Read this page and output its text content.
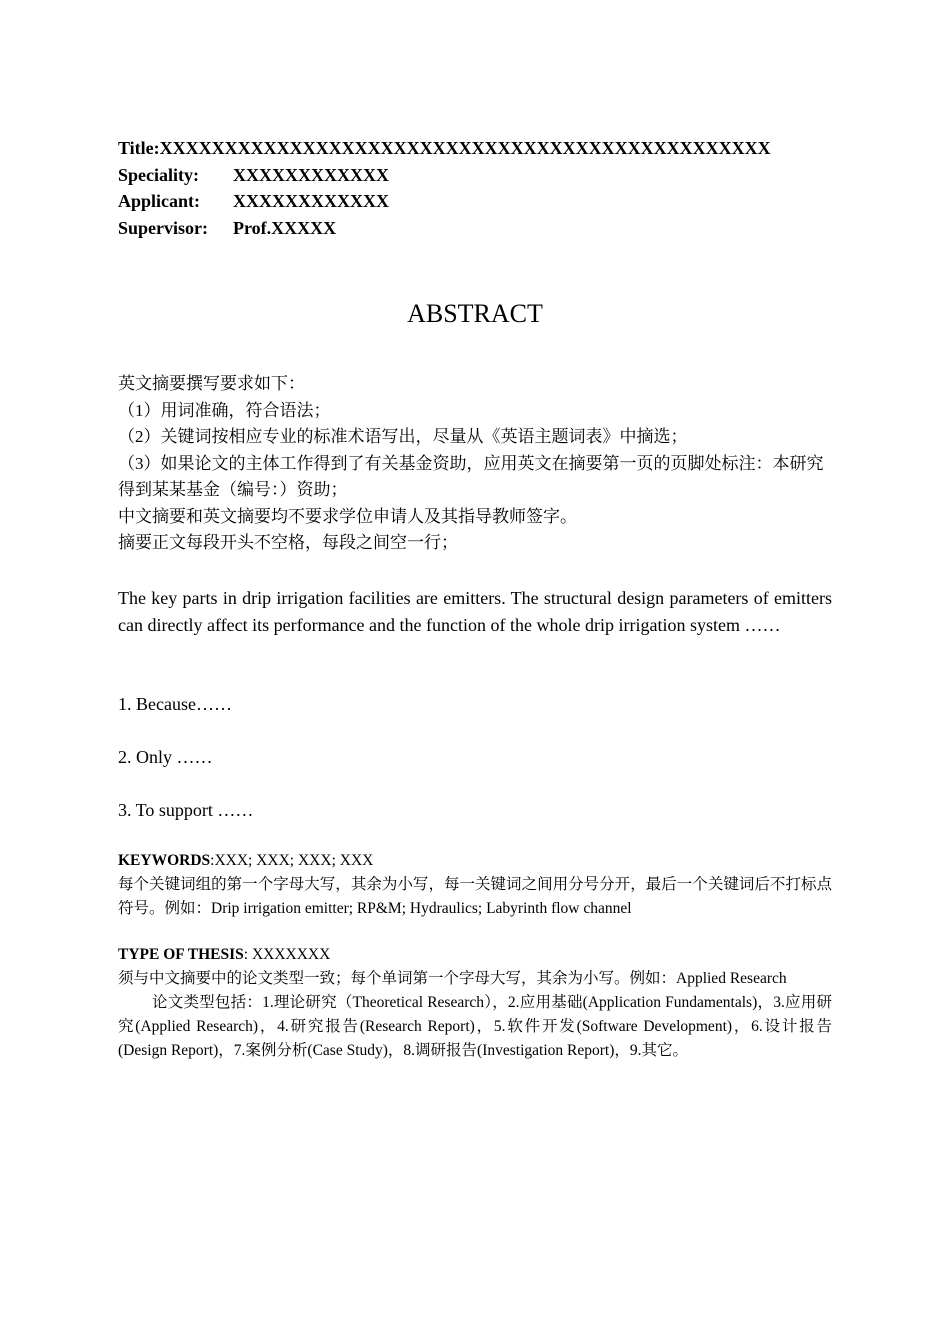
Title: XXXXXXXXXXXXXXXXXXXXXXXXXXXXXXXXXXXXXXXXXXXXXXX
Speciality:	XXXXXXXXXXXX
Applicant:	XXXXXXXXXXXX
Supervisor:	Prof.XXXXX
ABSTRACT

英文摘要撰写要求如下：

（1）用词准确，符合语法；

（2）关键词按相应专业的标准术语写出，尽量从《英语主题词表》中摘选；

（3）如果论文的主体工作得到了有关基金资助，应用英文在摘要第一页的页脚处标注：本研究得到某某基金（编号：）资助；

中文摘要和英文摘要均不要求学位申请人及其指导教师签字。

摘要正文每段开头不空格，每段之间空一行；

The key parts in drip irrigation facilities are emitters. The structural design parameters of emitters can directly affect its performance and the function of the whole drip irrigation system ……

1. Because……

2. Only ……

3. To support ……

KEYWORDS:XXX; XXX; XXX; XXX

每个关键词组的第一个字母大写，其余为小写，每一关键词之间用分号分开，最后一个关键词后不打标点符号。例如：Drip irrigation emitter; RP&M; Hydraulics; Labyrinth flow channel

TYPE OF THESIS: XXXXXXX

须与中文摘要中的论文类型一致；每个单词第一个字母大写，其余为小写。例如：Applied Research

论文类型包括：1.理论研究（Theoretical Research），2.应用基础(Application Fundamentals)，3.应用研究(Applied Research)，4.研究报告(Research Report)，5.软件开发(Software Development)，6.设计报告(Design Report)，7.案例分析(Case Study)，8.调研报告(Investigation Report)，9.其它。
